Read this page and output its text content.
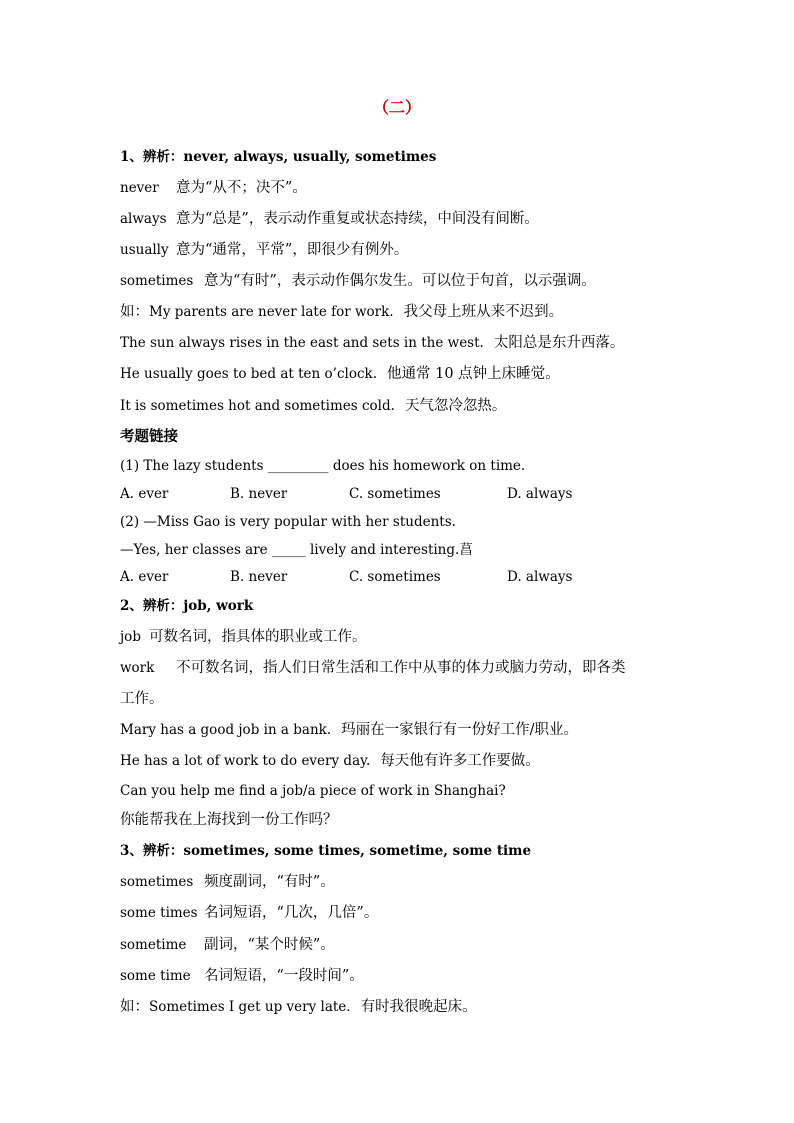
（二）
1、辨析：never, always, usually, sometimes
never 意为“从不；决不”。
always 意为“总是”，表示动作重复或状态持续，中间没有间断。
usually 意为“通常，平常”，即很少有例外。
sometimes 意为“有时”，表示动作偶尔发生。可以位于句首，以示强调。
如：My parents are never late for work. 我父母上班从来不迟到。
The sun always rises in the east and sets in the west. 太阳总是东升西落。
He usually goes to bed at ten o’clock. 他通常 10 点钟上床睡觉。
It is sometimes hot and sometimes cold. 天气忽冷忽热。
考题链接
(1) The lazy students _________ does his homework on time.
A. ever	B. never	C. sometimes	D. always
(2) —Miss Gao is very popular with her students.
—Yes, her classes are _____ lively and interesting.菖
A. ever	B. never	C. sometimes	D. always
2、辨析：job, work
job 可数名词，指具体的职业或工作。
work 不可数名词，指人们日常生活和工作中从事的体力或脑力劳动，即各类
工作。
Mary has a good job in a bank. 玛丽在一家银行有一份好工作/职业。
He has a lot of work to do every day. 每天他有许多工作要做。
Can you help me find a job/a piece of work in Shanghai?
你能帮我在上海找到一份工作吗？
3、辨析：sometimes, some times, sometime, some time
sometimes 频度副词，“有时”。
some times 名词短语，“几次，几倍”。
sometime 副词，“某个时候”。
some time 名词短语，“一段时间”。
如：Sometimes I get up very late. 有时我很晚起床。
